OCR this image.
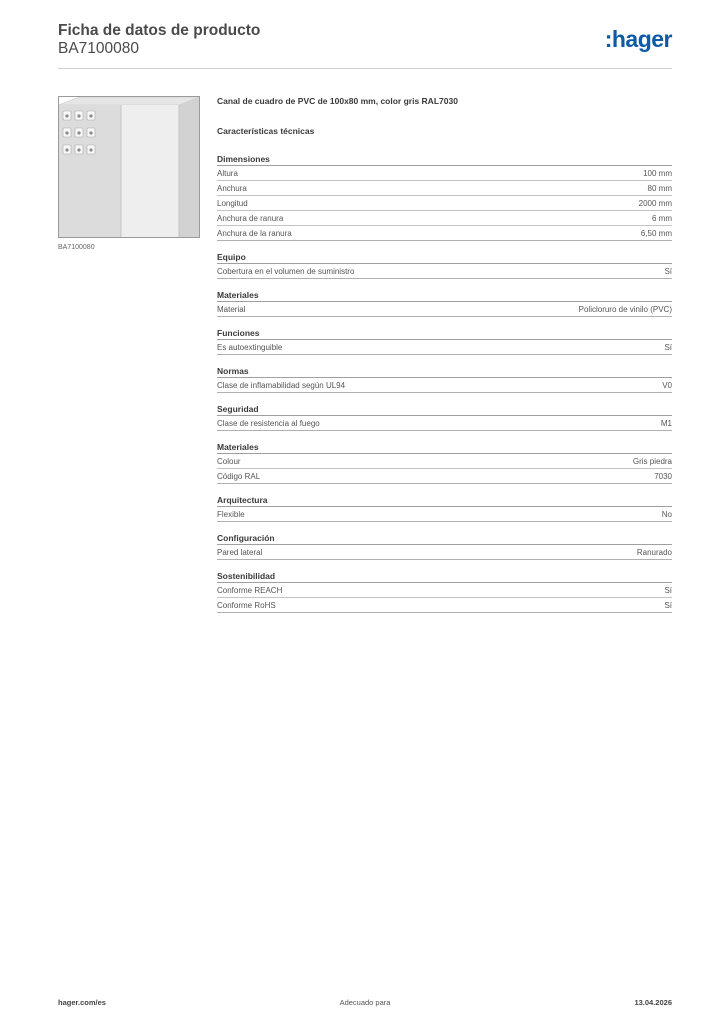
Ficha de datos de producto
BA7100080	:hager
BA7100080
Canal de cuadro de PVC de 100x80 mm, color gris RAL7030
Características técnicas
Dimensiones
Altura	100 mm
Anchura	80 mm
Longitud	2000 mm
Anchura de ranura	6 mm
Anchura de la ranura	6,50 mm
Equipo
Cobertura en el volumen de suministro	Sí
Materiales
Material	Policloruro de vinilo (PVC)
Funciones
Es autoextinguible	Sí
Normas
Clase de inflamabilidad según UL94	V0
Seguridad
Clase de resistencia al fuego	M1
Materiales
Colour	Gris piedra
Código RAL	7030
Arquitectura
Flexible	No
Configuración
Pared lateral	Ranurado
Sostenibilidad
Conforme REACH	Sí
Conforme RoHS	Sí
hager.com/es	Adecuado para	13.04.2026
